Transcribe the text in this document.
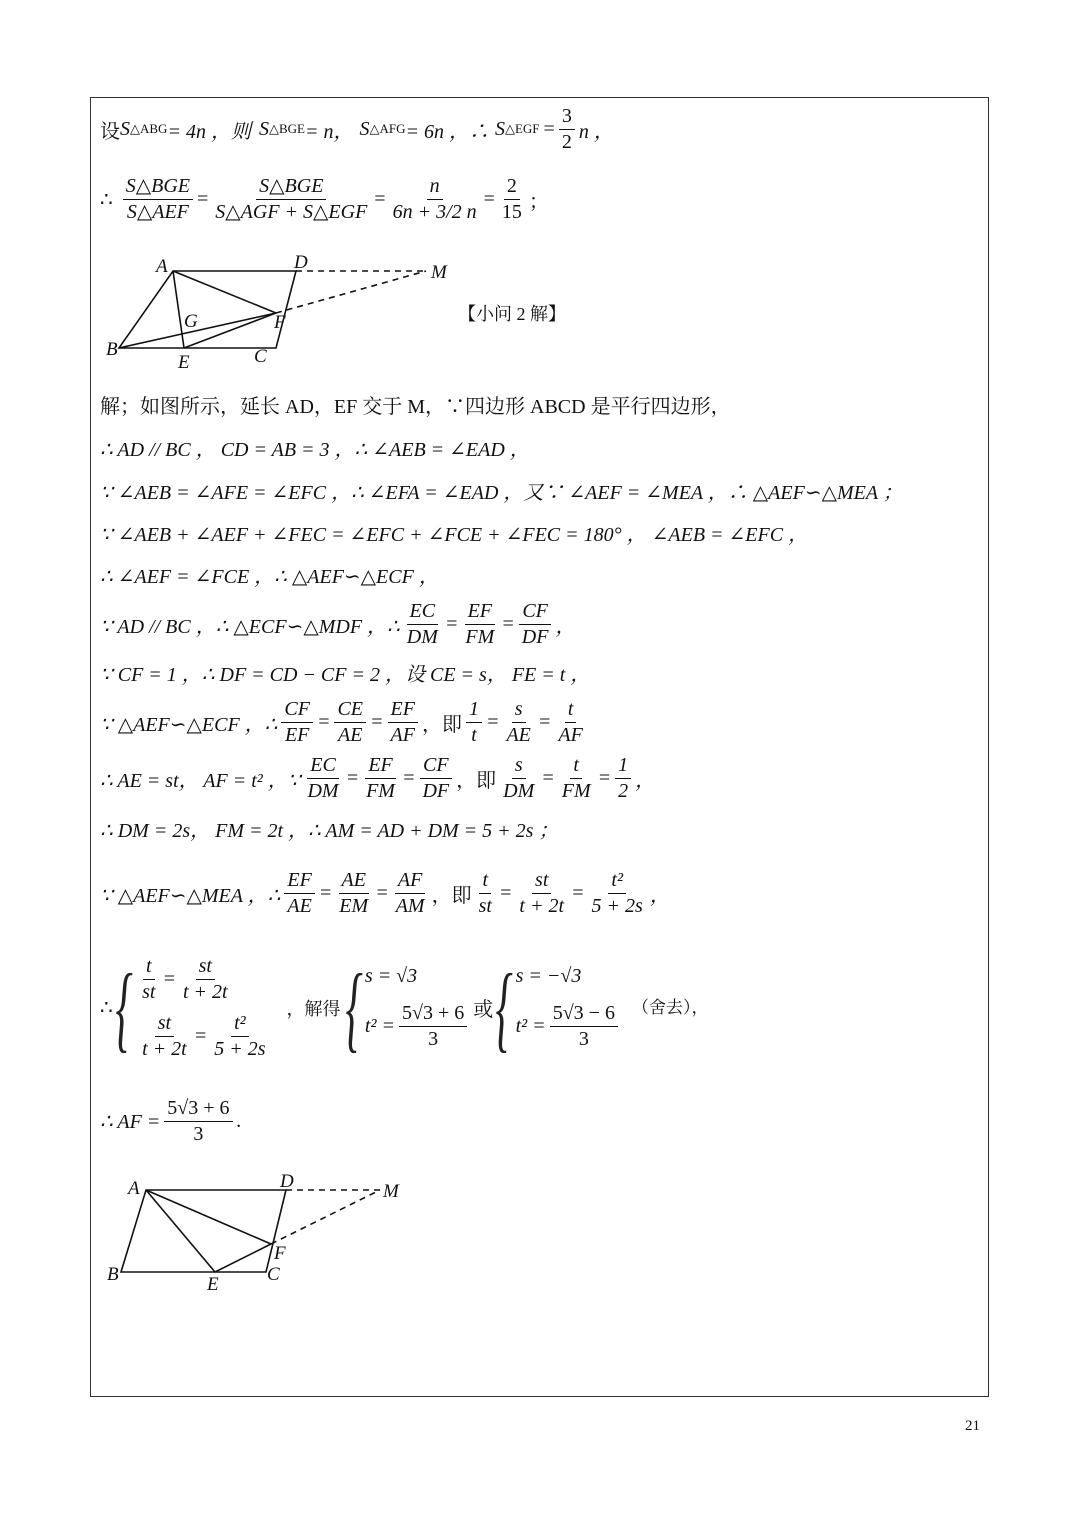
设 S △ABG = 4n ，则 S △BGE = n， S △AFG = 6n ，∴ S △EGF = $\frac{3}{2}$ n ，
∴
S△BGE
S△AEF
=
S△BGE
S△AGF + S△EGF
=
n
6n + 3/2 n
=
2
15 ；
A	D	M
G	F
B
E	C
【小问 2 解】
解；如图所示，延长 AD，EF 交于 M，∵四边形 ABCD 是平行四边形，
∴ AD // BC ， CD = AB = 3 ，∴ ∠AEB = ∠EAD ，
∵ ∠AEB = ∠AFE = ∠EFC ，∴ ∠EFA = ∠EAD ，又∵ ∠AEF = ∠MEA ，∴ △AEF∽△MEA ；
∵ ∠AEB + ∠AEF + ∠FEC = ∠EFC + ∠FCE + ∠FEC = 180° ， ∠AEB = ∠EFC ，
∴ ∠AEF = ∠FCE ，∴ △AEF∽△ECF ，
∵ AD // BC ，∴ △ECF∽△MDF ，∴
EC
DM
=
EF
FM
=
CF
DF ，
∵ CF = 1 ，∴ DF = CD − CF = 2 ，设 CE = s， FE = t ，
∵ △AEF∽△ECF ，∴
CF
EF
=
CE
AE
=
EF
AF ，即
1
t
=
s
AE
=
t
AF
∴ AE = st， AF = t² ，∵
EC
DM
=
EF
FM
=
CF
DF ，即
s
DM
=
t
FM
=
1
2 ，
∴ DM = 2s， FM = 2t ，∴ AM = AD + DM = 5 + 2s ；
∵ △AEF∽△MEA ，∴
EF
AE
=
AE
EM
=
AF
AM ，即
t
st
=
st
t + 2t
=
t²
5 + 2s ，
∴ { t
st
=
st
t + 2t
st
t + 2t
=
t²
5 + 2s
，解得 { s = √3
$t^2 = \frac{5√3 + 6}{3}$ 或 { s = −√3
$t^2 = \frac{5√3 - 6}{3}$ （舍去），
∴ AF = $\frac{5√3 + 6}{3}$ .
A	D	M
F
B	E	C
21
